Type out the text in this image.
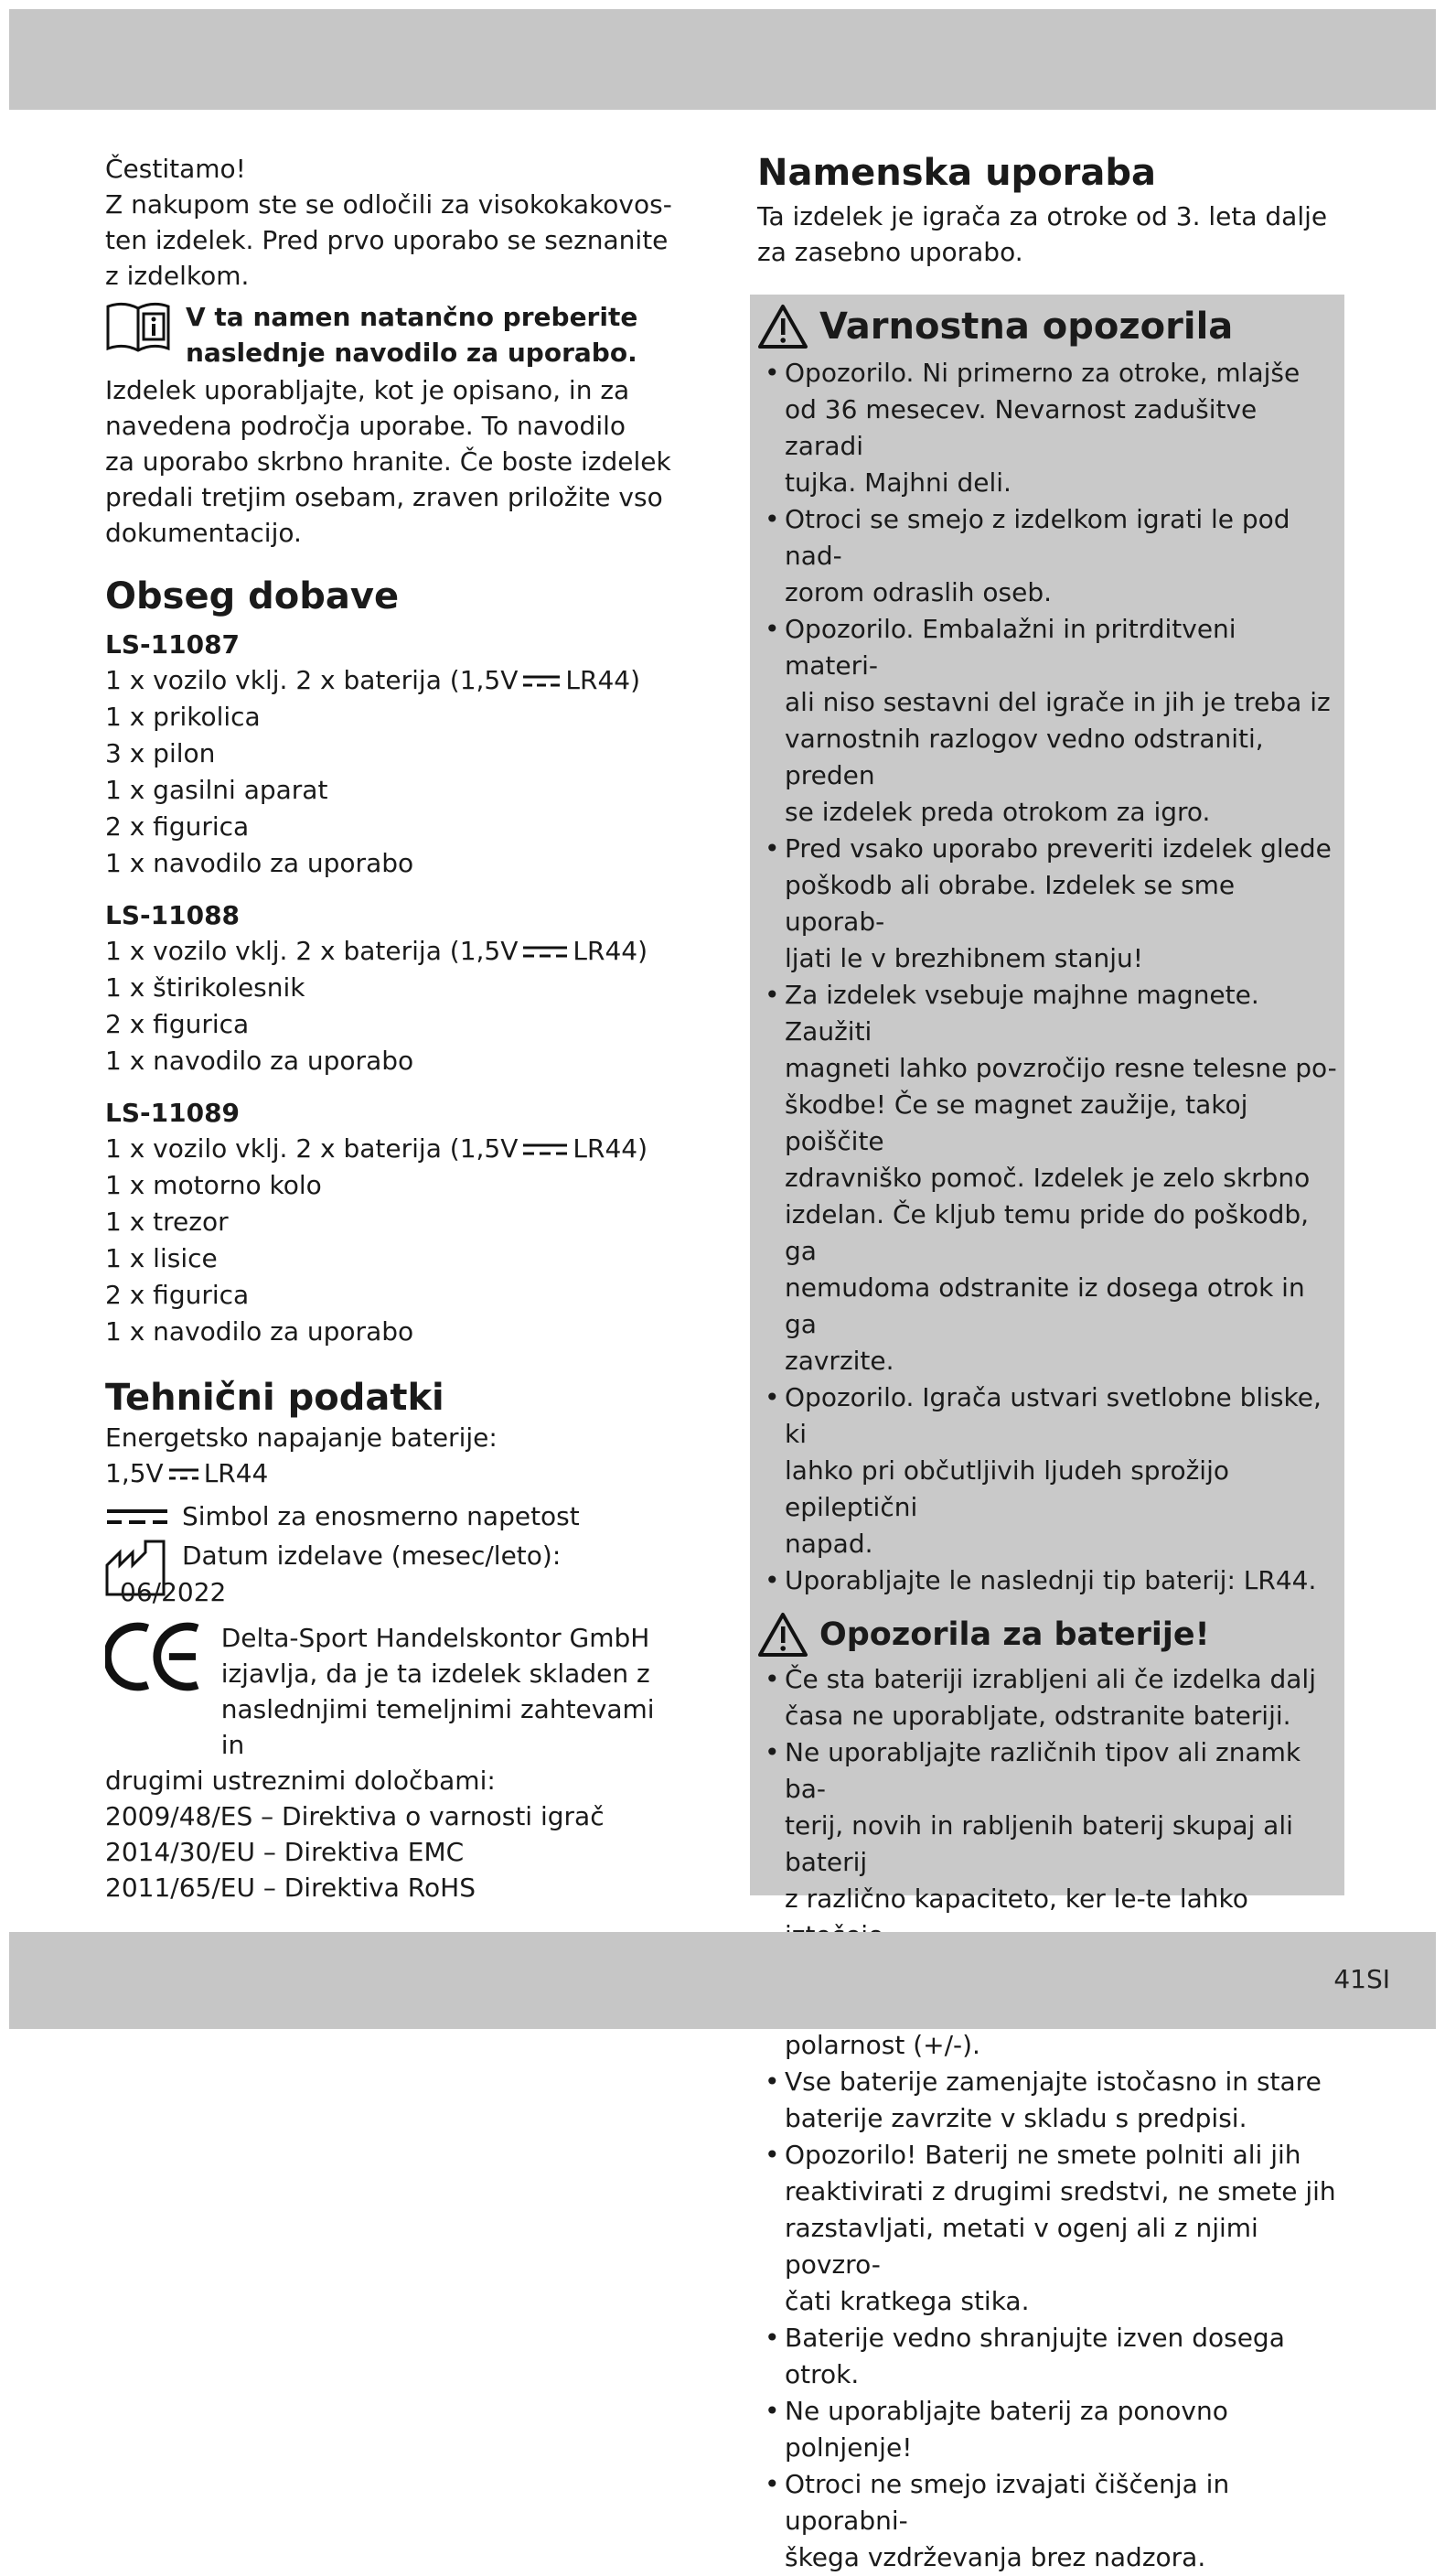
Čestitamo!

Z nakupom ste se odločili za visokokakovos-

ten izdelek. Pred prvo uporabo se seznanite

z izdelkom.

V ta namen natančno preberite
naslednje navodilo za uporabo.

Izdelek uporabljajte, kot je opisano, in za

navedena področja uporabe. To navodilo

za uporabo skrbno hranite. Če boste izdelek

predali tretjim osebam, zraven priložite vso

dokumentacijo.

Obseg dobave
LS-11087
1 x vozilo vklj. 2 x baterija (1,5V LR44)
1 x prikolica
3 x pilon
1 x gasilni aparat
2 x figurica
1 x navodilo za uporabo
LS-11088
1 x vozilo vklj. 2 x baterija (1,5V LR44)
1 x štirikolesnik
2 x figurica
1 x navodilo za uporabo
LS-11089
1 x vozilo vklj. 2 x baterija (1,5V LR44)
1 x motorno kolo
1 x trezor
1 x lisice
2 x figurica
1 x navodilo za uporabo
Tehnični podatki

Energetsko napajanje baterije:

1,5V LR44

Simbol za enosmerno napetost
Datum izdelave (mesec/leto):
06/2022
Delta-Sport Handelskontor GmbH
izjavlja, da je ta izdelek skladen z
naslednjimi temeljnimi zahtevami in

drugimi ustreznimi določbami:

2009/48/ES – Direktiva o varnosti igrač

2014/30/EU – Direktiva EMC

2011/65/EU – Direktiva RoHS

Namenska uporaba

Ta izdelek je igrača za otroke od 3. leta dalje

za zasebno uporabo.

Varnostna opozorila
• Opozorilo. Ni primerno za otroke, mlajše
od 36 mesecev. Nevarnost zadušitve zaradi
tujka. Majhni deli.
• Otroci se smejo z izdelkom igrati le pod nad-
zorom odraslih oseb.
• Opozorilo. Embalažni in pritrditveni materi-
ali niso sestavni del igrače in jih je treba iz
varnostnih razlogov vedno odstraniti, preden
se izdelek preda otrokom za igro.
• Pred vsako uporabo preveriti izdelek glede
poškodb ali obrabe. Izdelek se sme uporab-
ljati le v brezhibnem stanju!
• Za izdelek vsebuje majhne magnete. Zaužiti
magneti lahko povzročijo resne telesne po-
škodbe! Če se magnet zaužije, takoj poiščite
zdravniško pomoč. Izdelek je zelo skrbno
izdelan. Če kljub temu pride do poškodb, ga
nemudoma odstranite iz dosega otrok in ga
zavrzite.
• Opozorilo. Igrača ustvari svetlobne bliske, ki
lahko pri občutljivih ljudeh sprožijo epileptični
napad.
• Uporabljajte le naslednji tip baterij: LR44.
Opozorila za baterije!
• Če sta bateriji izrabljeni ali če izdelka dalj
časa ne uporabljate, odstranite bateriji.
• Ne uporabljajte različnih tipov ali znamk ba-
terij, novih in rabljenih baterij skupaj ali baterij
z različno kapaciteto, ker le-te lahko
• polarnost (+/-).
• Vse baterije zamenjajte istočasno in stare
baterije zavrzite v skladu s predpisi.
• Opozorilo! Baterij ne smete polniti ali jih
reaktivirati z drugimi sredstvi, ne smete jih
razstavljati, metati v ogenj ali z njimi povzro-
čati kratkega stika.
• Baterije vedno shranjujte izven dosega otrok.
• Ne uporabljajte baterij za ponovno polnjenje!
• Otroci ne smejo izvajati čiščenja in uporabni-
škega vzdrževanja brez nadzora.
41SI
